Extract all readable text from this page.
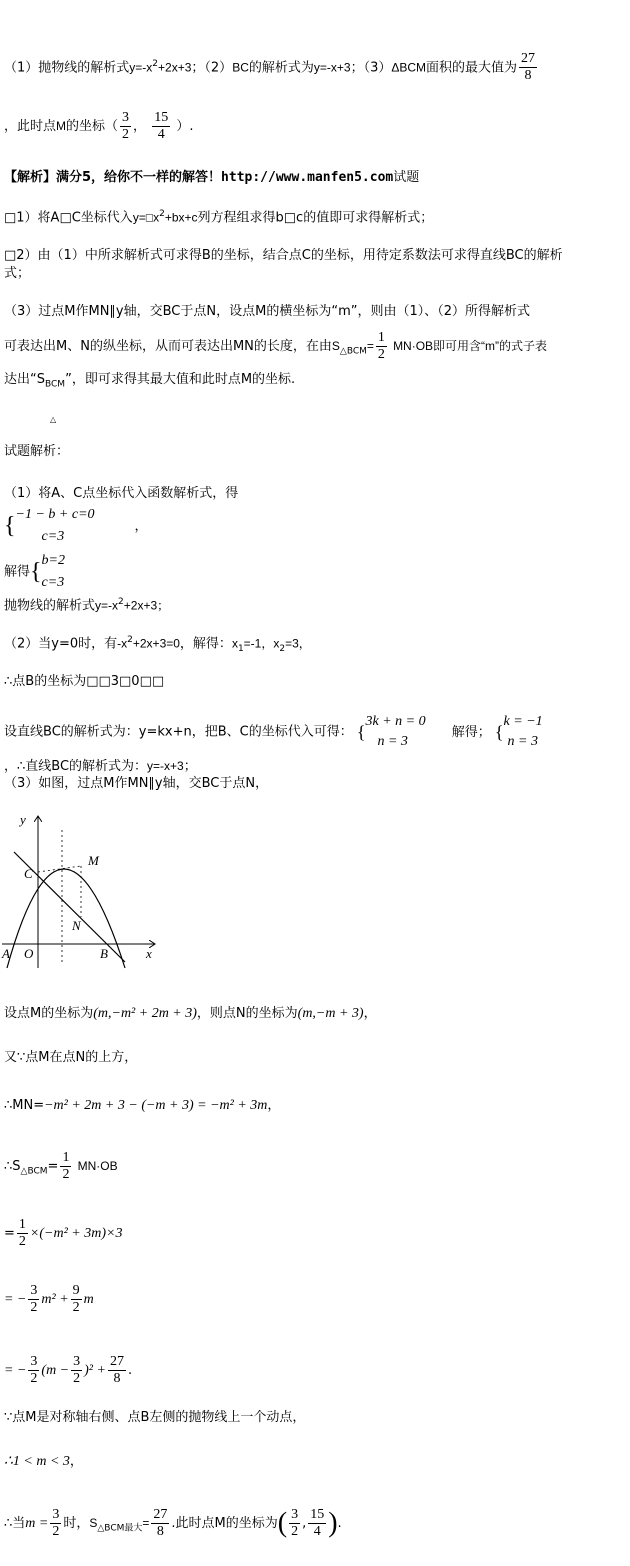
（1）抛物线的解析式$y=-x^2+2x+3$；（2）BC的解析式为y=-x+3；（3）ΔBCM面积的最大值为 $\frac{27}{8}$
，此时点M的坐标（ $\frac{3}{2}$ ， $\frac{15}{4}$ ）.
【解析】满分5，给你不一样的解答！http://www.manfen5.com试题
□1）将A□C坐标代入$y=□x^2+bx+c$列方程组求得b□c的值即可求得解析式；
□2）由（1）中所求解析式可求得B的坐标，结合点C的坐标，用待定系数法可求得直线BC的解析
式；
（3）过点M作MN∥y轴，交BC于点N，设点M的横坐标为“m”，则由（1）、（2）所得解析式
可表达出M、N的纵坐标，从而可表达出MN的长度，在由$S_{\triangle BCM}= \frac{1}{2} MN\cdot OB$即可用含“m”的式子表
达出“$S_{BCM}$”，即可求得其最大值和此时点M的坐标.
△
试题解析：
（1）将A、C点坐标代入函数解析式，得
{ −1 − b + c=0
c=3
，
解得{ b=2
c=3
抛物线的解析式$y=-x^2+2x+3$；
（2）当y=0时，有$-x^2+2x+3=0$，解得：$x_1=-1$，$x_2=3$，
∴点B的坐标为□□3□0□□
设直线BC的解析式为：y=kx+n，把B、C的坐标代入可得： {
3k + n = 0
n = 3
解得； {
k = −1
n = 3
，∴直线BC的解析式为：y=-x+3；
（3）如图，过点M作MN∥y轴，交BC于点N，
y
x
C
M
N
A O	B
设点M的坐标为(m,−m² + 2m + 3)，则点N的坐标为(m,−m + 3)，
又∵点M在点N的上方，
∴MN=−m² + 2m + 3 − (−m + 3) = −m² + 3m，
$\therefore S_{\triangle BCM}= \frac{1}{2} MN\cdot OB$
= $\frac{1}{2} \times(-m^2 + 3m)\times 3$
= − $\frac{3}{2} m^2 + \frac{9}{2}$ m
= − $\frac{3}{2} (m - \frac{3}{2} )^2 + \frac{27}{8}$ .
∵点M是对称轴右侧、点B左侧的抛物线上一个动点，
∴1 < m < 3，
∴当$m = \frac{3}{2}$ 时，$S_{\triangle BCM最大}= \frac{27}{8}$ .此时点M的坐标为( $\frac{3}{2}$ , $\frac{15}{4}$ ).
